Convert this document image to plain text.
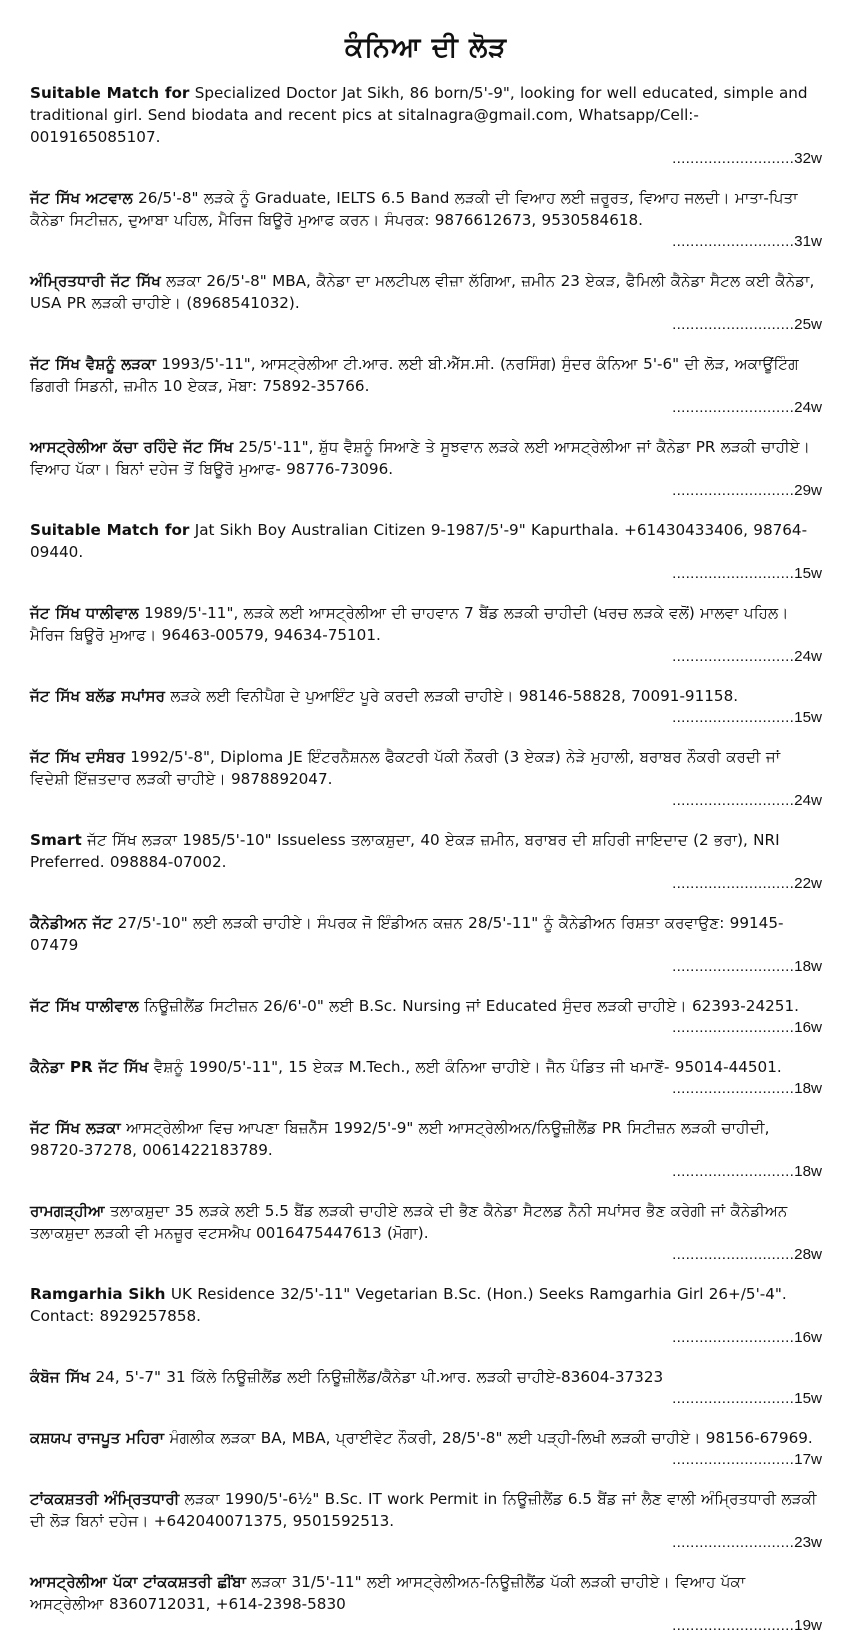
ਕੰਨਿਆ ਦੀ ਲੋੜ

Suitable Match for Specialized Doctor Jat Sikh, 86 born/5'-9", looking for well educated, simple and traditional girl. Send biodata and recent pics at sitalnagra@gmail.com, Whatsapp/Cell:- 0019165085107.

...........................32w

ਜੱਟ ਸਿੱਖ ਅਟਵਾਲ 26/5'-8" ਲੜਕੇ ਨੂੰ Graduate, IELTS 6.5 Band ਲੜਕੀ ਦੀ ਵਿਆਹ ਲਈ ਜ਼ਰੂਰਤ, ਵਿਆਹ ਜਲਦੀ। ਮਾਤਾ-ਪਿਤਾ ਕੈਨੇਡਾ ਸਿਟੀਜ਼ਨ, ਦੁਆਬਾ ਪਹਿਲ, ਮੈਰਿਜ ਬਿਊਰੋ ਮੁਆਫ ਕਰਨ। ਸੰਪਰਕ: 9876612673, 9530584618.

...........................31w

ਅੰਮ੍ਰਿਤਧਾਰੀ ਜੱਟ ਸਿੱਖ ਲੜਕਾ 26/5'-8" MBA, ਕੈਨੇਡਾ ਦਾ ਮਲਟੀਪਲ ਵੀਜ਼ਾ ਲੱਗਿਆ, ਜ਼ਮੀਨ 23 ਏਕੜ, ਫੈਮਿਲੀ ਕੈਨੇਡਾ ਸੈਟਲ ਕਈ ਕੈਨੇਡਾ, USA PR ਲੜਕੀ ਚਾਹੀਏ। (8968541032).

...........................25w

ਜੱਟ ਸਿੱਖ ਵੈਸ਼ਨੂੰ ਲੜਕਾ 1993/5'-11", ਆਸਟ੍ਰੇਲੀਆ ਟੀ.ਆਰ. ਲਈ ਬੀ.ਐੱਸ.ਸੀ. (ਨਰਸਿੰਗ) ਸੁੰਦਰ ਕੰਨਿਆ 5'-6" ਦੀ ਲੋੜ, ਅਕਾਊਂਟਿੰਗ ਡਿਗਰੀ ਸਿਡਨੀ, ਜ਼ਮੀਨ 10 ਏਕੜ, ਮੋਬਾ: 75892-35766.

...........................24w

ਆਸਟ੍ਰੇਲੀਆ ਕੱਚਾ ਰਹਿੰਦੇ ਜੱਟ ਸਿੱਖ 25/5'-11", ਸ਼ੁੱਧ ਵੈਸ਼ਨੂੰ ਸਿਆਣੇ ਤੇ ਸੂਝਵਾਨ ਲੜਕੇ ਲਈ ਆਸਟ੍ਰੇਲੀਆ ਜਾਂ ਕੈਨੇਡਾ PR ਲੜਕੀ ਚਾਹੀਏ। ਵਿਆਹ ਪੱਕਾ। ਬਿਨਾਂ ਦਹੇਜ ਤੋਂ ਬਿਊਰੋ ਮੁਆਫ- 98776-73096.

...........................29w

Suitable Match for Jat Sikh Boy Australian Citizen 9-1987/5'-9" Kapurthala. +61430433406, 98764-09440.

...........................15w

ਜੱਟ ਸਿੱਖ ਧਾਲੀਵਾਲ 1989/5'-11", ਲੜਕੇ ਲਈ ਆਸਟ੍ਰੇਲੀਆ ਦੀ ਚਾਹਵਾਨ 7 ਬੈਂਡ ਲੜਕੀ ਚਾਹੀਦੀ (ਖਰਚ ਲੜਕੇ ਵਲੋਂ) ਮਾਲਵਾ ਪਹਿਲ। ਮੈਰਿਜ ਬਿਊਰੋ ਮੁਆਫ। 96463-00579, 94634-75101.

...........................24w

ਜੱਟ ਸਿੱਖ ਬਲੱਡ ਸਪਾਂਸਰ ਲੜਕੇ ਲਈ ਵਿਨੀਪੈਗ ਦੇ ਪੁਆਇੰਟ ਪੂਰੇ ਕਰਦੀ ਲੜਕੀ ਚਾਹੀਏ। 98146-58828, 70091-91158.

...........................15w

ਜੱਟ ਸਿੱਖ ਦਸੰਬਰ 1992/5'-8", Diploma JE ਇੰਟਰਨੈਸ਼ਨਲ ਫੈਕਟਰੀ ਪੱਕੀ ਨੌਕਰੀ (3 ਏਕੜ) ਨੇੜੇ ਮੁਹਾਲੀ, ਬਰਾਬਰ ਨੌਕਰੀ ਕਰਦੀ ਜਾਂ ਵਿਦੇਸ਼ੀ ਇੱਜ਼ਤਦਾਰ ਲੜਕੀ ਚਾਹੀਏ। 9878892047.

...........................24w

Smart ਜੱਟ ਸਿੱਖ ਲੜਕਾ 1985/5'-10" Issueless ਤਲਾਕਸ਼ੁਦਾ, 40 ਏਕੜ ਜ਼ਮੀਨ, ਬਰਾਬਰ ਦੀ ਸ਼ਹਿਰੀ ਜਾਇਦਾਦ (2 ਭਰਾ), NRI Preferred. 098884-07002.

...........................22w

ਕੈਨੇਡੀਅਨ ਜੱਟ 27/5'-10" ਲਈ ਲੜਕੀ ਚਾਹੀਏ। ਸੰਪਰਕ ਜੋ ਇੰਡੀਅਨ ਕਜ਼ਨ 28/5'-11" ਨੂੰ ਕੈਨੇਡੀਅਨ ਰਿਸ਼ਤਾ ਕਰਵਾਉਣ: 99145-07479

...........................18w

ਜੱਟ ਸਿੱਖ ਧਾਲੀਵਾਲ ਨਿਊਜ਼ੀਲੈਂਡ ਸਿਟੀਜ਼ਨ 26/6'-0" ਲਈ B.Sc. Nursing ਜਾਂ Educated ਸੁੰਦਰ ਲੜਕੀ ਚਾਹੀਏ। 62393-24251.

...........................16w

ਕੈਨੇਡਾ PR ਜੱਟ ਸਿੱਖ ਵੈਸ਼ਨੂੰ 1990/5'-11", 15 ਏਕੜ M.Tech., ਲਈ ਕੰਨਿਆ ਚਾਹੀਏ। ਜੈਨ ਪੰਡਿਤ ਜੀ ਖਮਾਣੋਂ- 95014-44501.

...........................18w

ਜੱਟ ਸਿੱਖ ਲੜਕਾ ਆਸਟ੍ਰੇਲੀਆ ਵਿਚ ਆਪਣਾ ਬਿਜ਼ਨੈੱਸ 1992/5'-9" ਲਈ ਆਸਟ੍ਰੇਲੀਅਨ/ਨਿਊਜ਼ੀਲੈਂਡ PR ਸਿਟੀਜ਼ਨ ਲੜਕੀ ਚਾਹੀਦੀ, 98720-37278, 0061422183789.

...........................18w

ਰਾਮਗੜ੍ਹੀਆ ਤਲਾਕਸ਼ੁਦਾ 35 ਲੜਕੇ ਲਈ 5.5 ਬੈਂਡ ਲੜਕੀ ਚਾਹੀਏ ਲੜਕੇ ਦੀ ਭੈਣ ਕੈਨੇਡਾ ਸੈਟਲਡ ਨੈਨੀ ਸਪਾਂਸਰ ਭੈਣ ਕਰੇਗੀ ਜਾਂ ਕੈਨੇਡੀਅਨ ਤਲਾਕਸ਼ੁਦਾ ਲੜਕੀ ਵੀ ਮਨਜ਼ੂਰ ਵਟਸਐਪ 0016475447613 (ਮੋਗਾ).

...........................28w

Ramgarhia Sikh UK Residence 32/5'-11" Vegetarian B.Sc. (Hon.) Seeks Ramgarhia Girl 26+/5'-4". Contact: 8929257858.

...........................16w

ਕੰਬੋਜ ਸਿੱਖ 24, 5'-7" 31 ਕਿੱਲੇ ਨਿਊਜ਼ੀਲੈਂਡ ਲਈ ਨਿਊਜ਼ੀਲੈਂਡ/ਕੈਨੇਡਾ ਪੀ.ਆਰ. ਲੜਕੀ ਚਾਹੀਏ-83604-37323

...........................15w

ਕਸ਼ਯਪ ਰਾਜਪੂਤ ਮਹਿਰਾ ਮੰਗਲੀਕ ਲੜਕਾ BA, MBA, ਪ੍ਰਾਈਵੇਟ ਨੌਕਰੀ, 28/5'-8" ਲਈ ਪੜ੍ਹੀ-ਲਿਖੀ ਲੜਕੀ ਚਾਹੀਏ। 98156-67969.

...........................17w

ਟਾਂਕਕਸ਼ਤਰੀ ਅੰਮ੍ਰਿਤਧਾਰੀ ਲੜਕਾ 1990/5'-6½" B.Sc. IT work Permit in ਨਿਊਜ਼ੀਲੈਂਡ 6.5 ਬੈਂਡ ਜਾਂ ਲੈਣ ਵਾਲੀ ਅੰਮ੍ਰਿਤਧਾਰੀ ਲੜਕੀ ਦੀ ਲੋੜ ਬਿਨਾਂ ਦਹੇਜ। +642040071375, 9501592513.

...........................23w

ਆਸਟ੍ਰੇਲੀਆ ਪੱਕਾ ਟਾਂਕਕਸ਼ਤਰੀ ਛੀਂਬਾ ਲੜਕਾ 31/5'-11" ਲਈ ਆਸਟ੍ਰੇਲੀਅਨ-ਨਿਊਜ਼ੀਲੈਂਡ ਪੱਕੀ ਲੜਕੀ ਚਾਹੀਏ। ਵਿਆਹ ਪੱਕਾ ਅਸਟ੍ਰੇਲੀਆ 8360712031, +614-2398-5830

...........................19w
